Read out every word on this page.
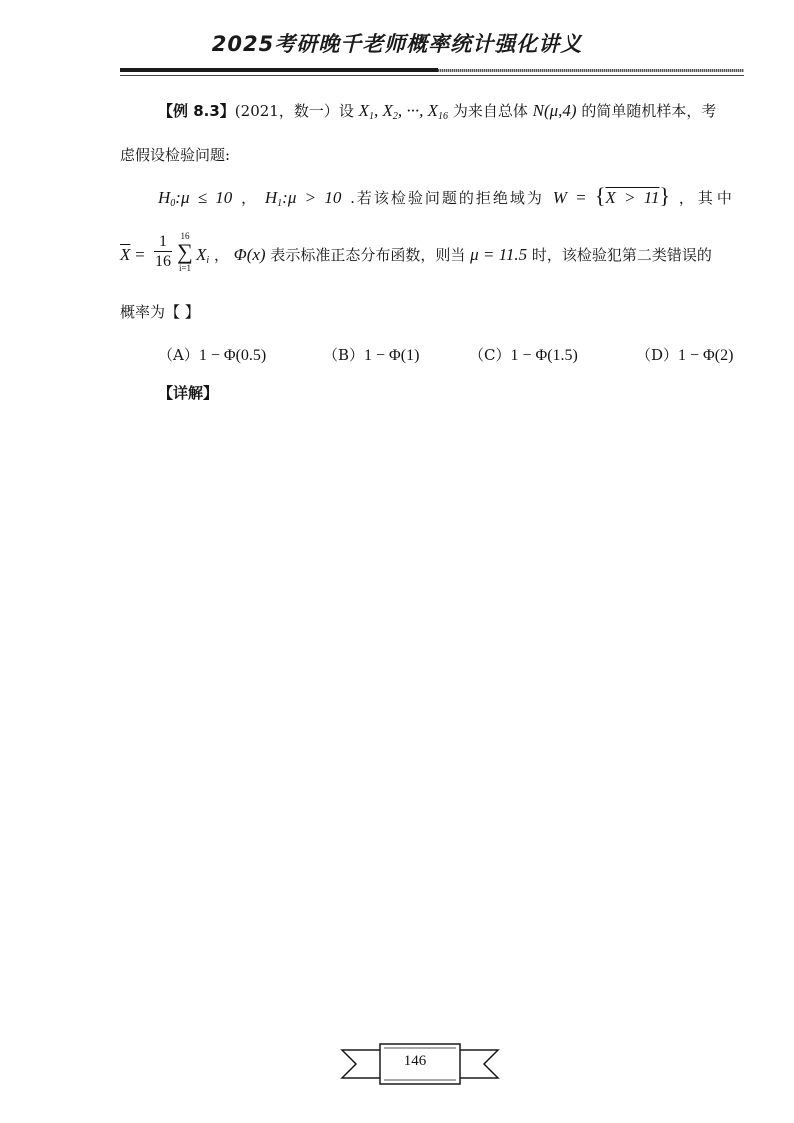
2025考研晚千老师概率统计强化讲义
【例 8.3】(2021，数一）设 $X_1$, $X_2$, ···, $X_{16}$ 为来自总体 N(μ,4) 的简单随机样本，考
虑假设检验问题:
$H_0:\mu \le 10$ ， $H_1:\mu > 10$ .若该检验问题的拒绝域为 W = {X > 11} ，其中
$\overline{X} = \frac{1}{16} 16$
∑
i=1
$X_i$ ， Φ(x) 表示标准正态分布函数，则当 μ = 11.5 时，该检验犯第二类错误的
概率为【 】
（A）1 − Φ(0.5)	（B）1 − Φ(1)	（C）1 − Φ(1.5)	（D）1 − Φ(2)
【详解】
146
